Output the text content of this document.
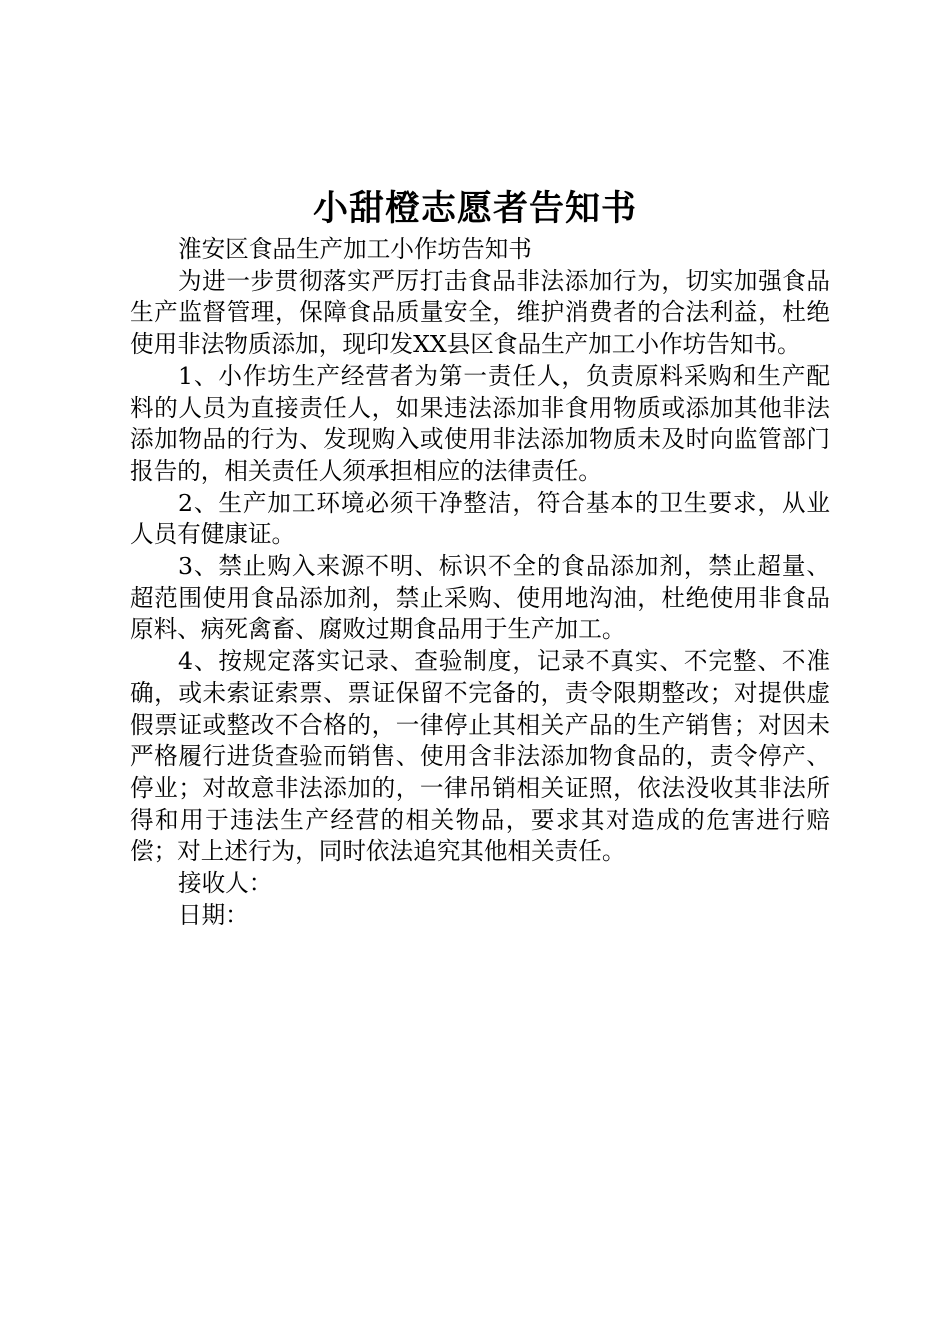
小甜橙志愿者告知书

淮安区食品生产加工小作坊告知书

为进一步贯彻落实严厉打击食品非法添加行为，切实加强食品生产监督管理，保障食品质量安全，维护消费者的合法利益，杜绝使用非法物质添加，现印发XX县区食品生产加工小作坊告知书。

1、小作坊生产经营者为第一责任人，负责原料采购和生产配料的人员为直接责任人，如果违法添加非食用物质或添加其他非法添加物品的行为、发现购入或使用非法添加物质未及时向监管部门报告的，相关责任人须承担相应的法律责任。

2、生产加工环境必须干净整洁，符合基本的卫生要求，从业人员有健康证。

3、禁止购入来源不明、标识不全的食品添加剂，禁止超量、超范围使用食品添加剂，禁止采购、使用地沟油，杜绝使用非食品原料、病死禽畜、腐败过期食品用于生产加工。

4、按规定落实记录、查验制度，记录不真实、不完整、不准确，或未索证索票、票证保留不完备的，责令限期整改；对提供虚假票证或整改不合格的，一律停止其相关产品的生产销售；对因未严格履行进货查验而销售、使用含非法添加物食品的，责令停产、停业；对故意非法添加的，一律吊销相关证照，依法没收其非法所得和用于违法生产经营的相关物品，要求其对造成的危害进行赔偿；对上述行为，同时依法追究其他相关责任。

接收人：

日期：
